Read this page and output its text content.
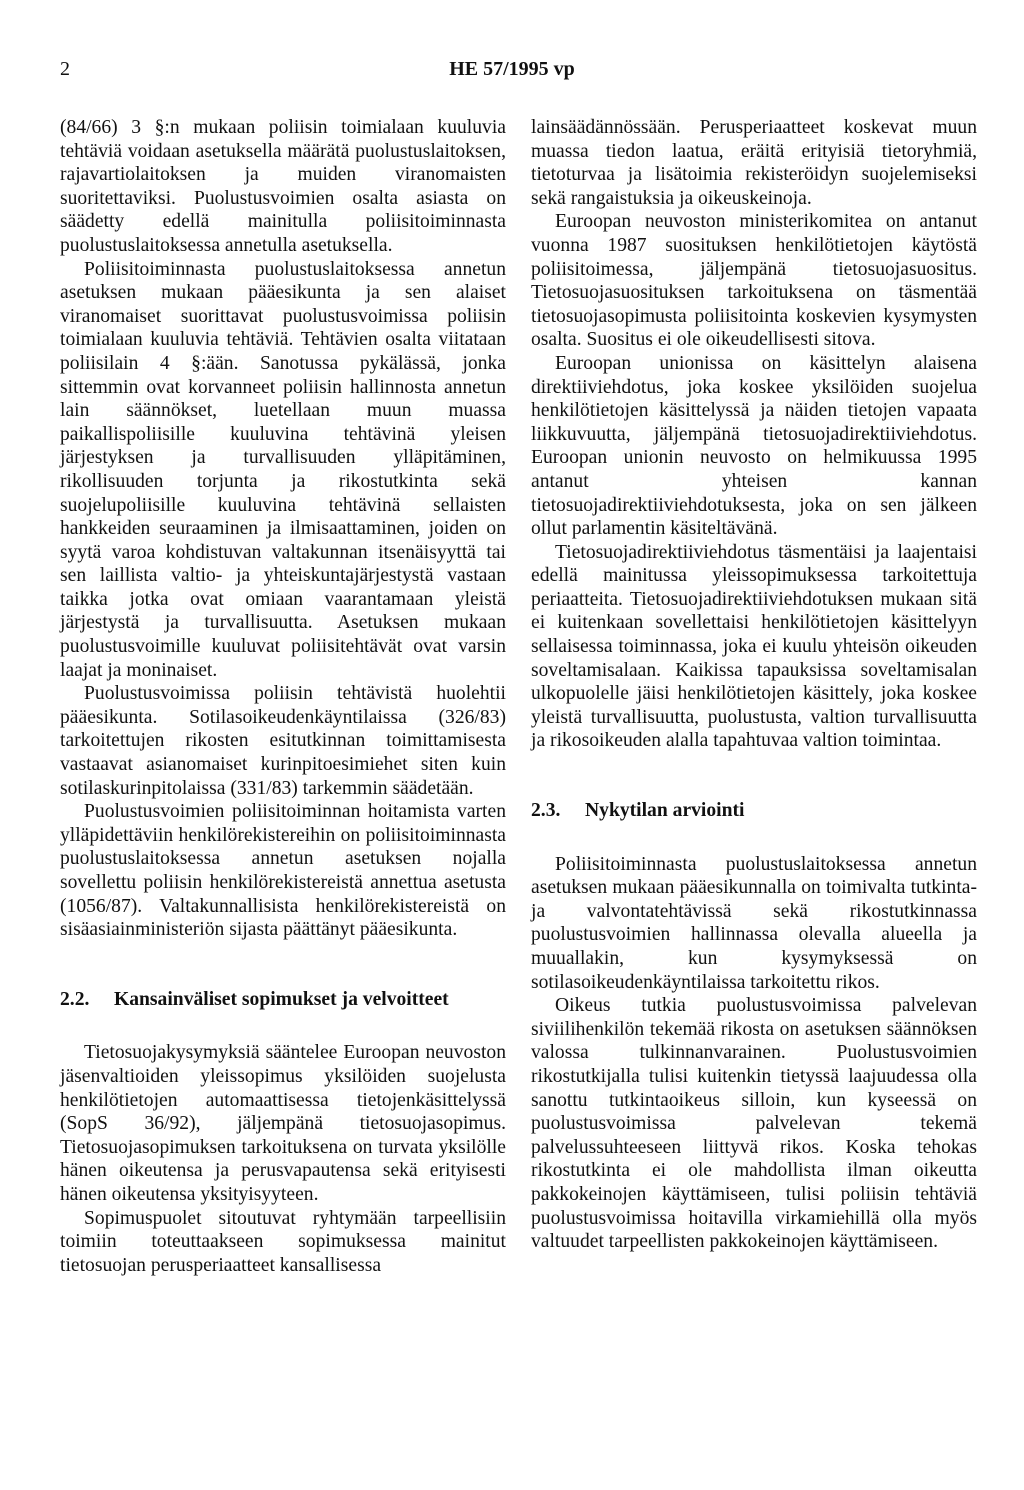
2	HE 57/1995 vp

(84/66) 3 §:n mukaan poliisin toimialaan kuuluvia tehtäviä voidaan asetuksella määrätä puolustuslaitoksen, rajavartiolaitoksen ja muiden viranomaisten suoritettaviksi. Puolustusvoimien osalta asiasta on säädetty edellä mainitulla poliisitoiminnasta puolustuslaitoksessa annetulla asetuksella.

Poliisitoiminnasta puolustuslaitoksessa annetun asetuksen mukaan pääesikunta ja sen alaiset viranomaiset suorittavat puolustusvoimissa poliisin toimialaan kuuluvia tehtäviä. Tehtävien osalta viitataan poliisilain 4 §:ään. Sanotussa pykälässä, jonka sittemmin ovat korvanneet poliisin hallinnosta annetun lain säännökset, luetellaan muun muassa paikallispoliisille kuuluvina tehtävinä yleisen järjestyksen ja turvallisuuden ylläpitäminen, rikollisuuden torjunta ja rikostutkinta sekä suojelupoliisille kuuluvina tehtävinä sellaisten hankkeiden seuraaminen ja ilmisaattaminen, joiden on syytä varoa kohdistuvan valtakunnan itsenäisyyttä tai sen laillista valtio- ja yhteiskuntajärjestystä vastaan taikka jotka ovat omiaan vaarantamaan yleistä järjestystä ja turvallisuutta. Asetuksen mukaan puolustusvoimille kuuluvat poliisitehtävät ovat varsin laajat ja moninaiset.

Puolustusvoimissa poliisin tehtävistä huolehtii pääesikunta. Sotilasoikeudenkäyntilaissa (326/83) tarkoitettujen rikosten esitutkinnan toimittamisesta vastaavat asianomaiset kurinpitoesimiehet siten kuin sotilaskurinpitolaissa (331/83) tarkemmin säädetään.

Puolustusvoimien poliisitoiminnan hoitamista varten ylläpidettäviin henkilörekistereihin on poliisitoiminnasta puolustuslaitoksessa annetun asetuksen nojalla sovellettu poliisin henkilörekistereistä annettua asetusta (1056/87). Valtakunnallisista henkilörekistereistä on sisäasiainministeriön sijasta päättänyt pääesikunta.

2.2. Kansainväliset sopimukset ja velvoitteet

Tietosuojakysymyksiä sääntelee Euroopan neuvoston jäsenvaltioiden yleissopimus yksilöiden suojelusta henkilötietojen automaattisessa tietojenkäsittelyssä (SopS 36/92), jäljempänä tietosuojasopimus. Tietosuojasopimuksen tarkoituksena on turvata yksilölle hänen oikeutensa ja perusvapautensa sekä erityisesti hänen oikeutensa yksityisyyteen.

Sopimuspuolet sitoutuvat ryhtymään tarpeellisiin toimiin toteuttaakseen sopimuksessa mainitut tietosuojan perusperiaatteet kansallisessa

lainsäädännössään. Perusperiaatteet koskevat muun muassa tiedon laatua, eräitä erityisiä tietoryhmiä, tietoturvaa ja lisätoimia rekisteröidyn suojelemiseksi sekä rangaistuksia ja oikeuskeinoja.

Euroopan neuvoston ministerikomitea on antanut vuonna 1987 suosituksen henkilötietojen käytöstä poliisitoimessa, jäljempänä tietosuojasuositus. Tietosuojasuosituksen tarkoituksena on täsmentää tietosuojasopimusta poliisitointa koskevien kysymysten osalta. Suositus ei ole oikeudellisesti sitova.

Euroopan unionissa on käsittelyn alaisena direktiiviehdotus, joka koskee yksilöiden suojelua henkilötietojen käsittelyssä ja näiden tietojen vapaata liikkuvuutta, jäljempänä tietosuojadirektiiviehdotus. Euroopan unionin neuvosto on helmikuussa 1995 antanut yhteisen kannan tietosuojadirektiiviehdotuksesta, joka on sen jälkeen ollut parlamentin käsiteltävänä.

Tietosuojadirektiiviehdotus täsmentäisi ja laajentaisi edellä mainitussa yleissopimuksessa tarkoitettuja periaatteita. Tietosuojadirektiiviehdotuksen mukaan sitä ei kuitenkaan sovellettaisi henkilötietojen käsittelyyn sellaisessa toiminnassa, joka ei kuulu yhteisön oikeuden soveltamisalaan. Kaikissa tapauksissa soveltamisalan ulkopuolelle jäisi henkilötietojen käsittely, joka koskee yleistä turvallisuutta, puolustusta, valtion turvallisuutta ja rikosoikeuden alalla tapahtuvaa valtion toimintaa.

2.3. Nykytilan arviointi

Poliisitoiminnasta puolustuslaitoksessa annetun asetuksen mukaan pääesikunnalla on toimivalta tutkinta- ja valvontatehtävissä sekä rikostutkinnassa puolustusvoimien hallinnassa olevalla alueella ja muuallakin, kun kysymyksessä on sotilasoikeudenkäyntilaissa tarkoitettu rikos.

Oikeus tutkia puolustusvoimissa palvelevan siviilihenkilön tekemää rikosta on asetuksen säännöksen valossa tulkinnanvarainen. Puolustusvoimien rikostutkijalla tulisi kuitenkin tietyssä laajuudessa olla sanottu tutkintaoikeus silloin, kun kyseessä on puolustusvoimissa palvelevan tekemä palvelussuhteeseen liittyvä rikos. Koska tehokas rikostutkinta ei ole mahdollista ilman oikeutta pakkokeinojen käyttämiseen, tulisi poliisin tehtäviä puolustusvoimissa hoitavilla virkamiehillä olla myös valtuudet tarpeellisten pakkokeinojen käyttämiseen.
